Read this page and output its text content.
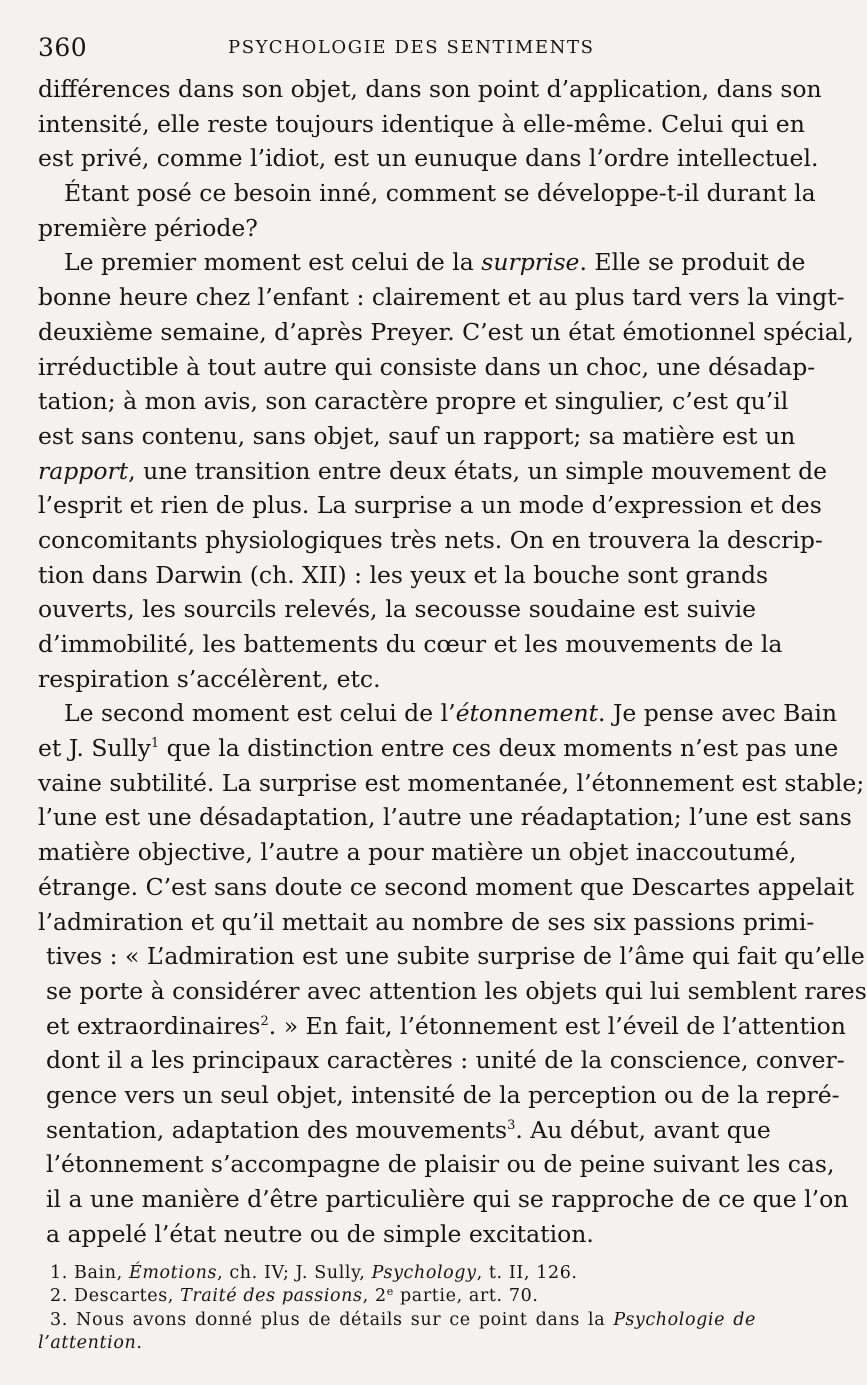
360	PSYCHOLOGIE DES SENTIMENTS
différences dans son objet, dans son point d’application, dans son
intensité, elle reste toujours identique à elle-même. Celui qui en
est privé, comme l’idiot, est un eunuque dans l’ordre intellectuel.
Étant posé ce besoin inné, comment se développe-t-il durant la
première période?
Le premier moment est celui de la surprise. Elle se produit de
bonne heure chez l’enfant : clairement et au plus tard vers la vingt-
deuxième semaine, d’après Preyer. C’est un état émotionnel spécial,
irréductible à tout autre qui consiste dans un choc, une désadap-
tation; à mon avis, son caractère propre et singulier, c’est qu’il
est sans contenu, sans objet, sauf un rapport; sa matière est un
rapport, une transition entre deux états, un simple mouvement de
l’esprit et rien de plus. La surprise a un mode d’expression et des
concomitants physiologiques très nets. On en trouvera la descrip-
tion dans Darwin (ch. XII) : les yeux et la bouche sont grands
ouverts, les sourcils relevés, la secousse soudaine est suivie
d’immobilité, les battements du cœur et les mouvements de la
respiration s’accélèrent, etc.
Le second moment est celui de l’étonnement. Je pense avec Bain
et J. Sully$^1$ que la distinction entre ces deux moments n’est pas une
vaine subtilité. La surprise est momentanée, l’étonnement est stable;
l’une est une désadaptation, l’autre une réadaptation; l’une est sans
matière objective, l’autre a pour matière un objet inaccoutumé,
étrange. C’est sans doute ce second moment que Descartes appelait
l’admiration et qu’il mettait au nombre de ses six passions primi-
tives : « L’admiration est une subite surprise de l’âme qui fait qu’elle
se porte à considérer avec attention les objets qui lui semblent rares
et extraordinaires$^2$. » En fait, l’étonnement est l’éveil de l’attention
dont il a les principaux caractères : unité de la conscience, conver-
gence vers un seul objet, intensité de la perception ou de la repré-
sentation, adaptation des mouvements$^3$. Au début, avant que
l’étonnement s’accompagne de plaisir ou de peine suivant les cas,
il a une manière d’être particulière qui se rapproche de ce que l’on
a appelé l’état neutre ou de simple excitation.
1. Bain, Émotions, ch. IV; J. Sully, Psychology, t. II, 126.
2. Descartes, Traité des passions, 2e partie, art. 70.
3. Nous avons donné plus de détails sur ce point dans la Psychologie de
l’attention.
